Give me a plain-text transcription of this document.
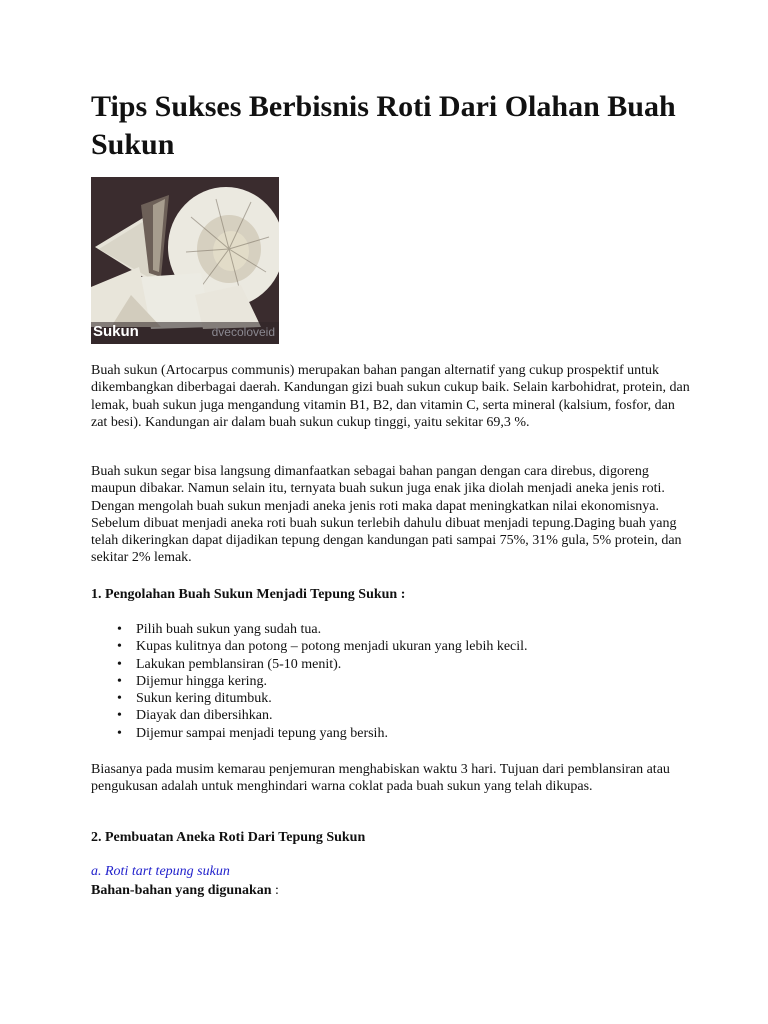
Tips Sukses Berbisnis Roti Dari Olahan Buah Sukun
Sukun	dvecoloveid

Buah sukun (Artocarpus communis) merupakan bahan pangan alternatif yang cukup prospektif untuk dikembangkan diberbagai daerah. Kandungan gizi buah sukun cukup baik. Selain karbohidrat, protein, dan lemak, buah sukun juga mengandung vitamin B1, B2, dan vitamin C, serta mineral (kalsium, fosfor, dan zat besi). Kandungan air dalam buah sukun cukup tinggi, yaitu sekitar 69,3 %.

Buah sukun segar bisa langsung dimanfaatkan sebagai bahan pangan dengan cara direbus, digoreng maupun dibakar. Namun selain itu, ternyata buah sukun juga enak jika diolah menjadi aneka jenis roti. Dengan mengolah buah sukun menjadi aneka jenis roti maka dapat meningkatkan nilai ekonomisnya. Sebelum dibuat menjadi aneka roti buah sukun terlebih dahulu dibuat menjadi tepung.Daging buah yang telah dikeringkan dapat dijadikan tepung dengan kandungan pati sampai 75%, 31% gula, 5% protein, dan sekitar 2% lemak.

1. Pengolahan Buah Sukun Menjadi Tepung Sukun :

• Pilih buah sukun yang sudah tua.
• Kupas kulitnya dan potong – potong menjadi ukuran yang lebih kecil.
• Lakukan pemblansiran (5-10 menit).
• Dijemur hingga kering.
• Sukun kering ditumbuk.
• Diayak dan dibersihkan.
• Dijemur sampai menjadi tepung yang bersih.

Biasanya pada musim kemarau penjemuran menghabiskan waktu 3 hari. Tujuan dari pemblansiran atau pengukusan adalah untuk menghindari warna coklat pada buah sukun yang telah dikupas.

2. Pembuatan Aneka Roti Dari Tepung Sukun

a. Roti tart tepung sukun
Bahan-bahan yang digunakan :
